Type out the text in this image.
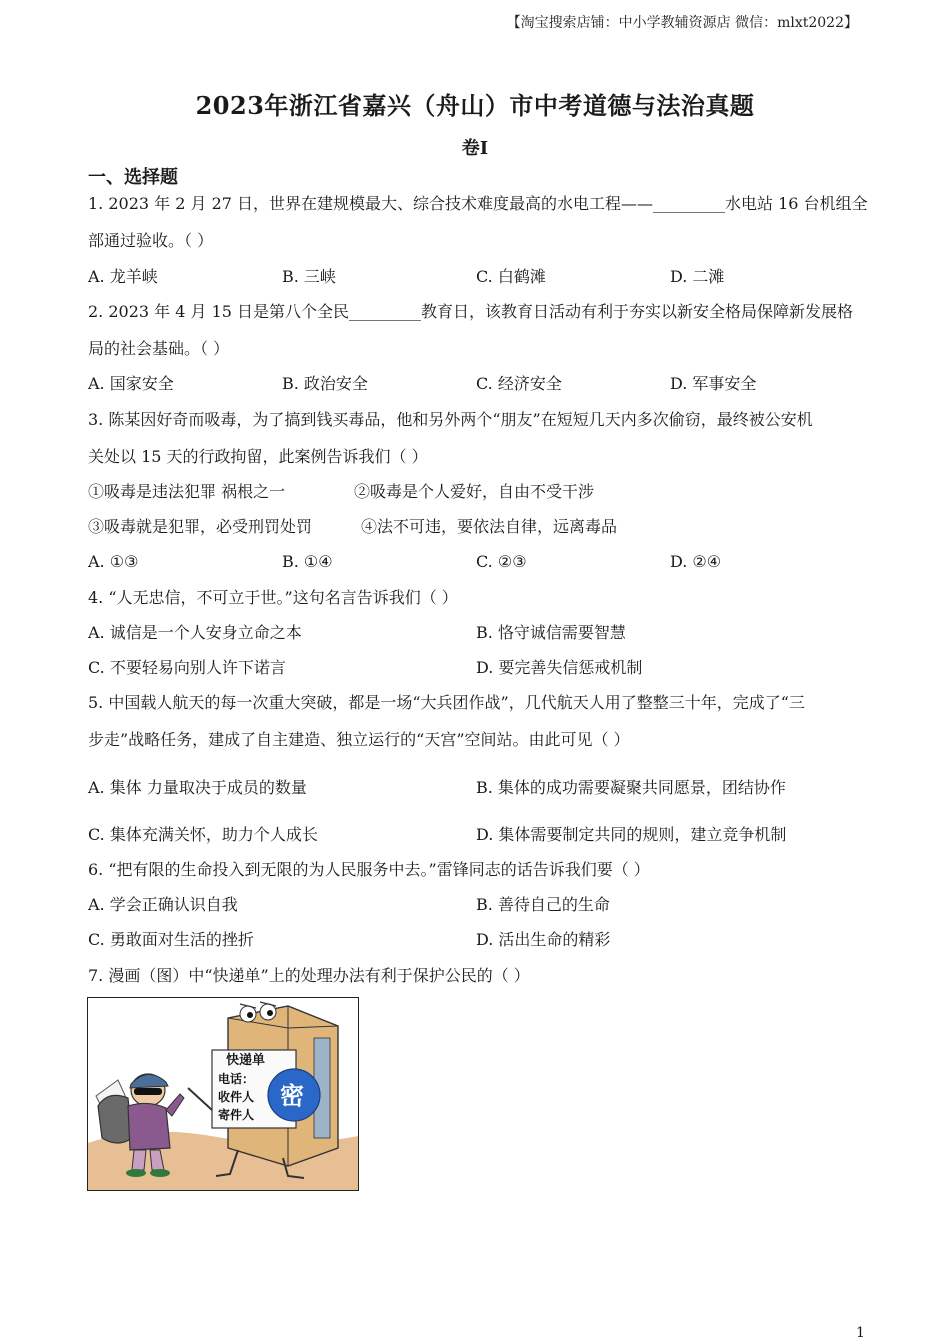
【淘宝搜索店铺：中小学教辅资源店 微信：mlxt2022】
2023年浙江省嘉兴（舟山）市中考道德与法治真题
卷I
一、选择题
1. 2023 年 2 月 27 日，世界在建规模最大、综合技术难度最高的水电工程——_________水电站 16 台机组全
部通过验收。（ ）
A. 龙羊峡	B. 三峡	C. 白鹤滩	D. 二滩
2. 2023 年 4 月 15 日是第八个全民_________教育日，该教育日活动有利于夯实以新安全格局保障新发展格
局的社会基础。（ ）
A. 国家安全	B. 政治安全	C. 经济安全	D. 军事安全
3. 陈某因好奇而吸毒，为了搞到钱买毒品，他和另外两个“朋友”在短短几天内多次偷窃，最终被公安机
关处以 15 天的行政拘留，此案例告诉我们（ ）
①吸毒是违法犯罪 祸根之一	②吸毒是个人爱好，自由不受干涉
③吸毒就是犯罪，必受刑罚处罚	④法不可违，要依法自律，远离毒品
A. ①③	B. ①④	C. ②③	D. ②④
4. “人无忠信，不可立于世。”这句名言告诉我们（ ）
A. 诚信是一个人安身立命之本	B. 恪守诚信需要智慧
C. 不要轻易向别人许下诺言	D. 要完善失信惩戒机制
5. 中国载人航天的每一次重大突破，都是一场“大兵团作战”，几代航天人用了整整三十年，完成了“三
步走”战略任务，建成了自主建造、独立运行的“天宫”空间站。由此可见（ ）
A. 集体 力量取决于成员的数量	B. 集体的成功需要凝聚共同愿景，团结协作
C. 集体充满关怀，助力个人成长	D. 集体需要制定共同的规则，建立竞争机制
6. “把有限的生命投入到无限的为人民服务中去。”雷锋同志的话告诉我们要（ ）
A. 学会正确认识自我	B. 善待自己的生命
C. 勇敢面对生活的挫折	D. 活出生命的精彩
7. 漫画（图）中“快递单”上的处理办法有利于保护公民的（ ）
快递单
电话：
收件人
寄件人
密
1
